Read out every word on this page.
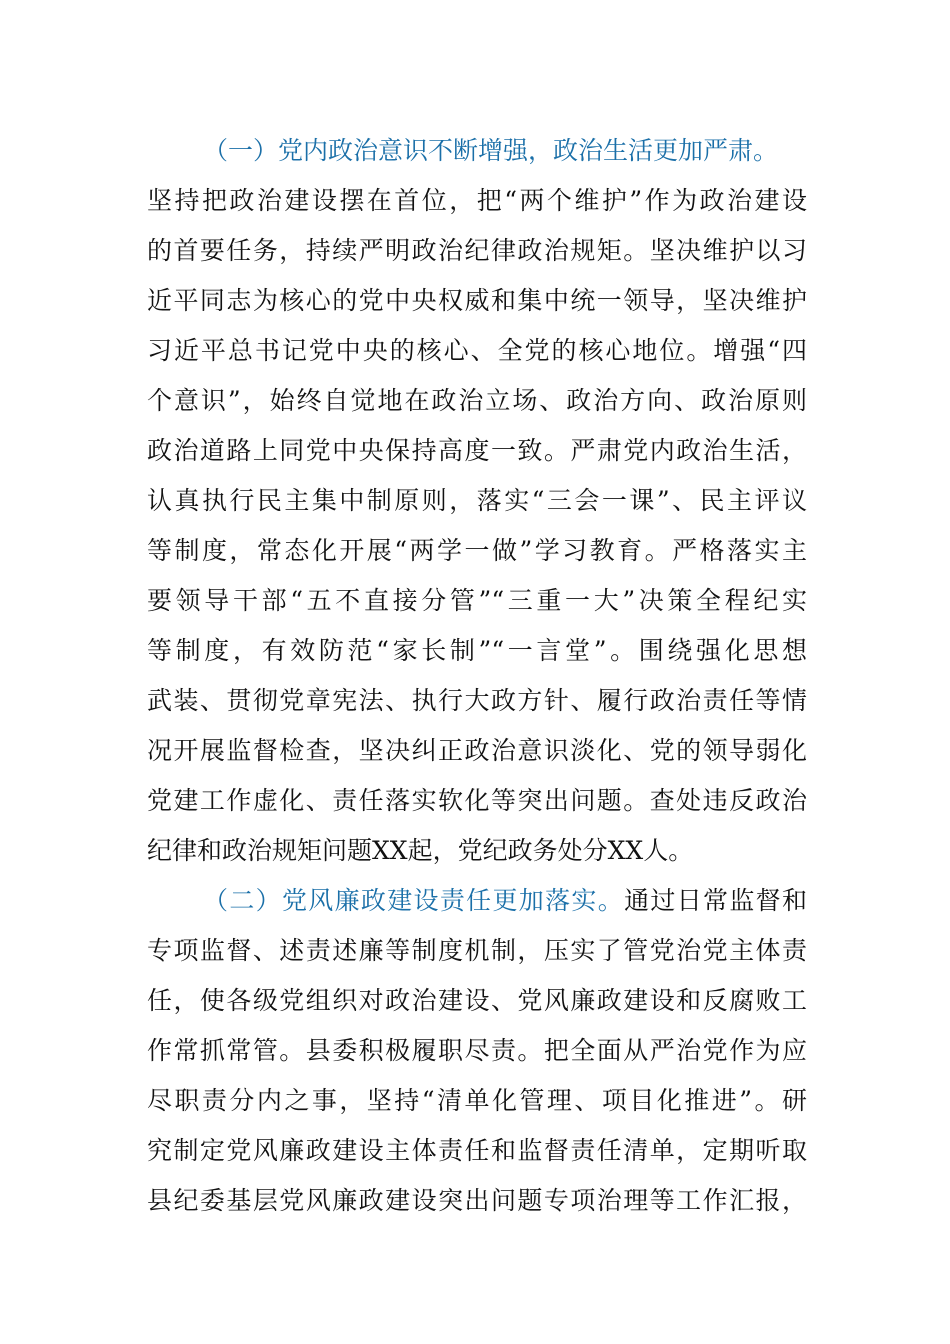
（一）党内政治意识不断增强，政治生活更加严肃。
坚持把政治建设摆在首位，把“两个维护”作为政治建设
的首要任务，持续严明政治纪律政治规矩。坚决维护以习
近平同志为核心的党中央权威和集中统一领导，坚决维护
习近平总书记党中央的核心、全党的核心地位。增强“四
个意识”，始终自觉地在政治立场、政治方向、政治原则
政治道路上同党中央保持高度一致。严肃党内政治生活，
认真执行民主集中制原则，落实“三会一课”、民主评议
等制度，常态化开展“两学一做”学习教育。严格落实主
要领导干部“五不直接分管”“三重一大”决策全程纪实
等制度，有效防范“家长制”“一言堂”。围绕强化思想
武装、贯彻党章宪法、执行大政方针、履行政治责任等情
况开展监督检查，坚决纠正政治意识淡化、党的领导弱化
党建工作虚化、责任落实软化等突出问题。查处违反政治
纪律和政治规矩问题XX起，党纪政务处分XX人。
（二）党风廉政建设责任更加落实。通过日常监督和
专项监督、述责述廉等制度机制，压实了管党治党主体责
任，使各级党组织对政治建设、党风廉政建设和反腐败工
作常抓常管。县委积极履职尽责。把全面从严治党作为应
尽职责分内之事，坚持“清单化管理、项目化推进”。研
究制定党风廉政建设主体责任和监督责任清单，定期听取
县纪委基层党风廉政建设突出问题专项治理等工作汇报，
